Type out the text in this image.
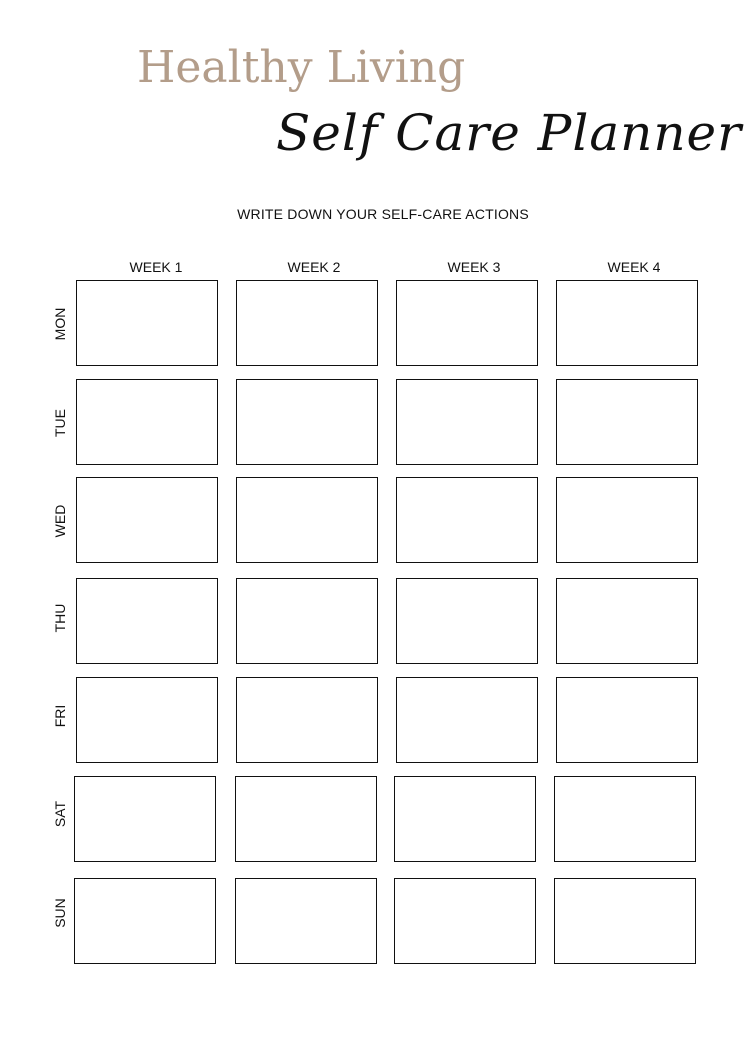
Healthy Living
Self Care Planner
WRITE DOWN YOUR SELF-CARE ACTIONS
WEEK 1	WEEK 2	WEEK 3	WEEK 4
MON
TUE
WED
THU
FRI
SAT
SUN
